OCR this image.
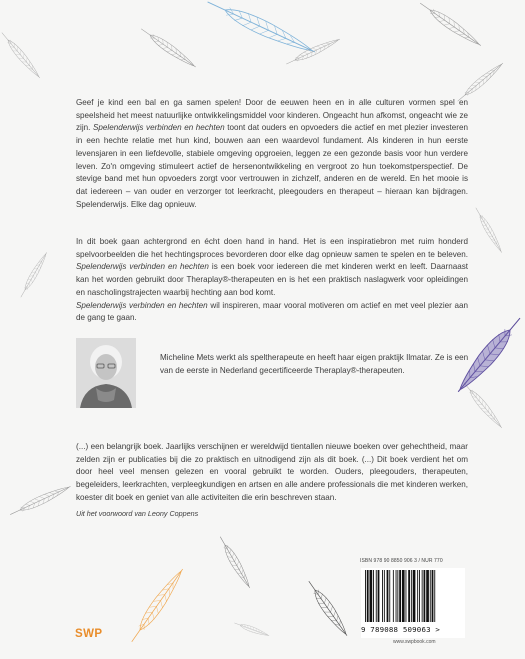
Geef je kind een bal en ga samen spelen! Door de eeuwen heen en in alle culturen vormen spel en speelsheid het meest natuurlijke ontwikkelingsmiddel voor kinderen. Ongeacht hun afkomst, ongeacht wie ze zijn. Spelenderwijs verbinden en hechten toont dat ouders en opvoeders die actief en met plezier investeren in een hechte relatie met hun kind, bouwen aan een waardevol fundament. Als kinderen in hun eerste levensjaren in een liefdevolle, stabiele omgeving opgroeien, leggen ze een gezonde basis voor hun verdere leven. Zo'n omgeving stimuleert actief de hersenontwikkeling en vergroot zo hun toekomstperspectief. De stevige band met hun opvoeders zorgt voor vertrouwen in zichzelf, anderen en de wereld. En het mooie is dat iedereen – van ouder en verzorger tot leerkracht, pleegouders en therapeut – hieraan kan bijdragen. Spelenderwijs. Elke dag opnieuw.

In dit boek gaan achtergrond en écht doen hand in hand. Het is een inspiratiebron met ruim honderd spelvoorbeelden die het hechtingsproces bevorderen door elke dag opnieuw samen te spelen en te beleven. Spelenderwijs verbinden en hechten is een boek voor iedereen die met kinderen werkt en leeft. Daarnaast kan het worden gebruikt door Theraplay®-therapeuten en is het een praktisch naslagwerk voor opleidingen en nascholingstrajecten waarbij hechting aan bod komt.
Spelenderwijs verbinden en hechten wil inspireren, maar vooral motiveren om actief en met veel plezier aan de gang te gaan.

Micheline Mets werkt als speltherapeute en heeft haar eigen praktijk Ilmatar. Ze is een van de eerste in Nederland gecertificeerde Theraplay®-therapeuten.

(...) een belangrijk boek. Jaarlijks verschijnen er wereldwijd tientallen nieuwe boeken over gehechtheid, maar zelden zijn er publicaties bij die zo praktisch en uitnodigend zijn als dit boek. (...) Dit boek verdient het om door heel veel mensen gelezen en vooral gebruikt te worden. Ouders, pleegouders, therapeuten, begeleiders, leerkrachten, verpleegkundigen en artsen en alle andere professionals die met kinderen werken, koester dit boek en geniet van alle activiteiten die erin beschreven staan.

Uit het voorwoord van Leony Coppens

ISBN 978 90 8850 906 3 / NUR 770
9 789088 509063 >
www.swpbook.com
SWP
